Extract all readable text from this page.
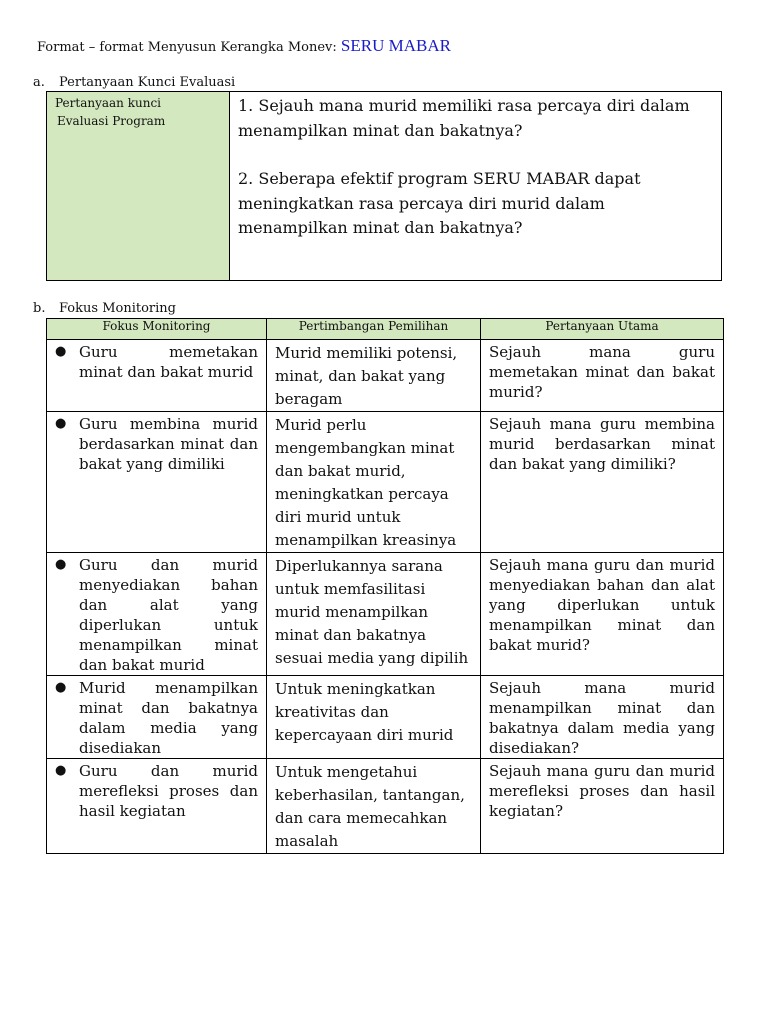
Format – format Menyusun Kerangka Monev: SERU MABAR
a. Pertanyaan Kunci Evaluasi
Pertanyaan kunci
Evaluasi Program

1. Sejauh mana murid memiliki rasa percaya diri dalam menampilkan minat dan bakatnya?

2. Seberapa efektif program SERU MABAR dapat meningkatkan rasa percaya diri murid dalam menampilkan minat dan bakatnya?

b. Fokus Monitoring
Fokus Monitoring	Pertimbangan Pemilihan	Pertanyaan Utama

● Guru memetakan minat dan bakat murid	Murid memiliki potensi, minat, dan bakat yang beragam	Sejauh mana guru memetakan minat dan bakat murid?

● Guru membina murid berdasarkan minat dan bakat yang dimiliki	Murid perlu mengembangkan minat dan bakat murid, meningkatkan percaya diri murid untuk menampilkan kreasinya	Sejauh mana guru membina murid berdasarkan minat dan bakat yang dimiliki?

● Guru dan murid menyediakan bahan dan alat yang diperlukan untuk menampilkan minat dan bakat murid	Diperlukannya sarana untuk memfasilitasi murid menampilkan minat dan bakatnya sesuai media yang dipilih	Sejauh mana guru dan murid menyediakan bahan dan alat yang diperlukan untuk menampilkan minat dan bakat murid?

● Murid menampilkan minat dan bakatnya dalam media yang disediakan	Untuk meningkatkan kreativitas dan kepercayaan diri murid	Sejauh mana murid menampilkan minat dan bakatnya dalam media yang disediakan?

● Guru dan murid merefleksi proses dan hasil kegiatan	Untuk mengetahui keberhasilan, tantangan, dan cara memecahkan masalah	Sejauh mana guru dan murid merefleksi proses dan hasil kegiatan?
